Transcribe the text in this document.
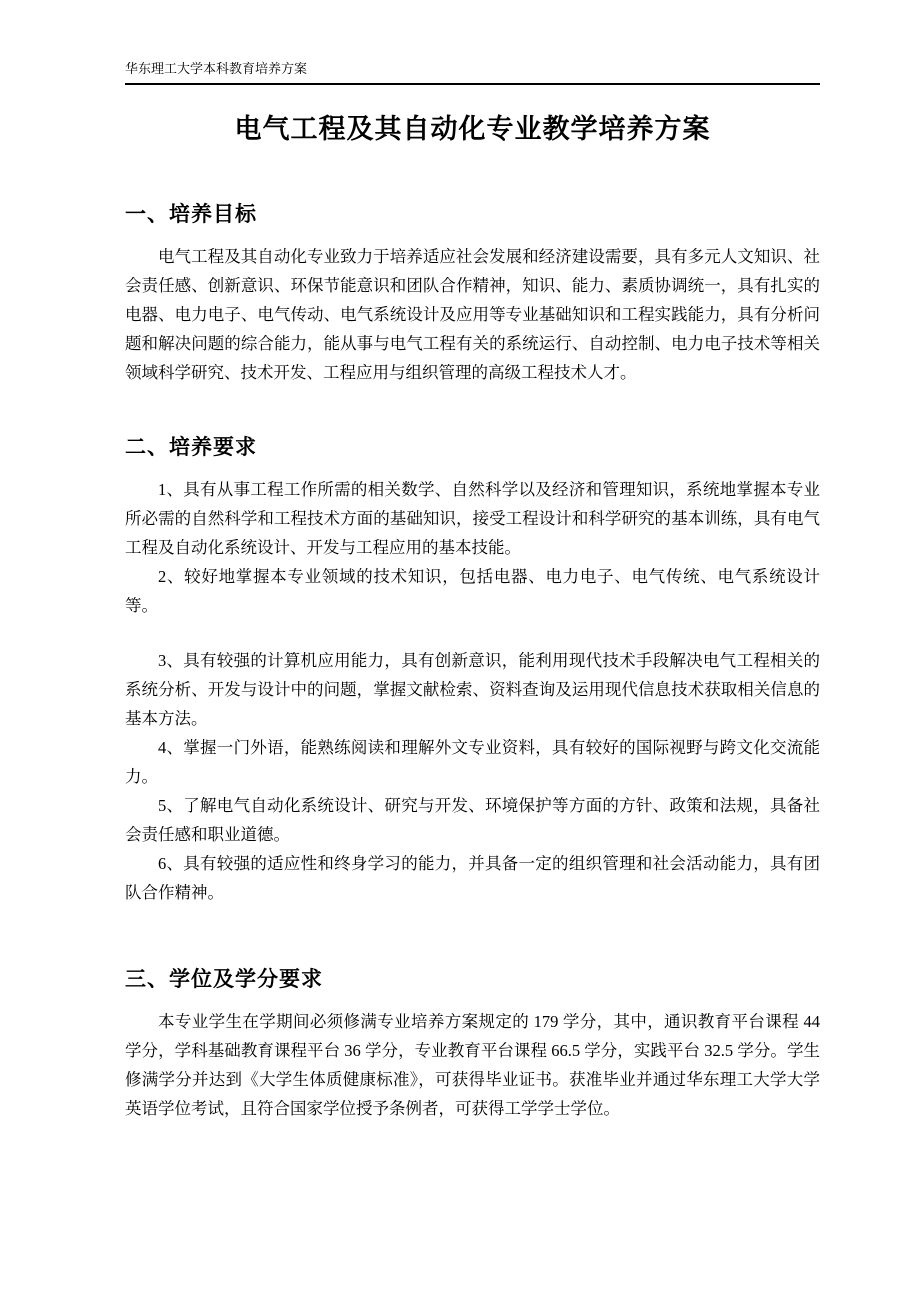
华东理工大学本科教育培养方案
电气工程及其自动化专业教学培养方案
一、培养目标

电气工程及其自动化专业致力于培养适应社会发展和经济建设需要，具有多元人文知识、社会责任感、创新意识、环保节能意识和团队合作精神，知识、能力、素质协调统一，具有扎实的电器、电力电子、电气传动、电气系统设计及应用等专业基础知识和工程实践能力，具有分析问题和解决问题的综合能力，能从事与电气工程有关的系统运行、自动控制、电力电子技术等相关领域科学研究、技术开发、工程应用与组织管理的高级工程技术人才。

二、培养要求

1、具有从事工程工作所需的相关数学、自然科学以及经济和管理知识，系统地掌握本专业所必需的自然科学和工程技术方面的基础知识，接受工程设计和科学研究的基本训练，具有电气工程及自动化系统设计、开发与工程应用的基本技能。

2、较好地掌握本专业领域的技术知识，包括电器、电力电子、电气传统、电气系统设计等。

3、具有较强的计算机应用能力，具有创新意识，能利用现代技术手段解决电气工程相关的系统分析、开发与设计中的问题，掌握文献检索、资料查询及运用现代信息技术获取相关信息的基本方法。

4、掌握一门外语，能熟练阅读和理解外文专业资料，具有较好的国际视野与跨文化交流能力。

5、了解电气自动化系统设计、研究与开发、环境保护等方面的方针、政策和法规，具备社会责任感和职业道德。

6、具有较强的适应性和终身学习的能力，并具备一定的组织管理和社会活动能力，具有团队合作精神。

三、学位及学分要求

本专业学生在学期间必须修满专业培养方案规定的 179 学分，其中，通识教育平台课程 44 学分，学科基础教育课程平台 36 学分，专业教育平台课程 66.5 学分，实践平台 32.5 学分。学生修满学分并达到《大学生体质健康标准》，可获得毕业证书。获准毕业并通过华东理工大学大学英语学位考试，且符合国家学位授予条例者，可获得工学学士学位。
